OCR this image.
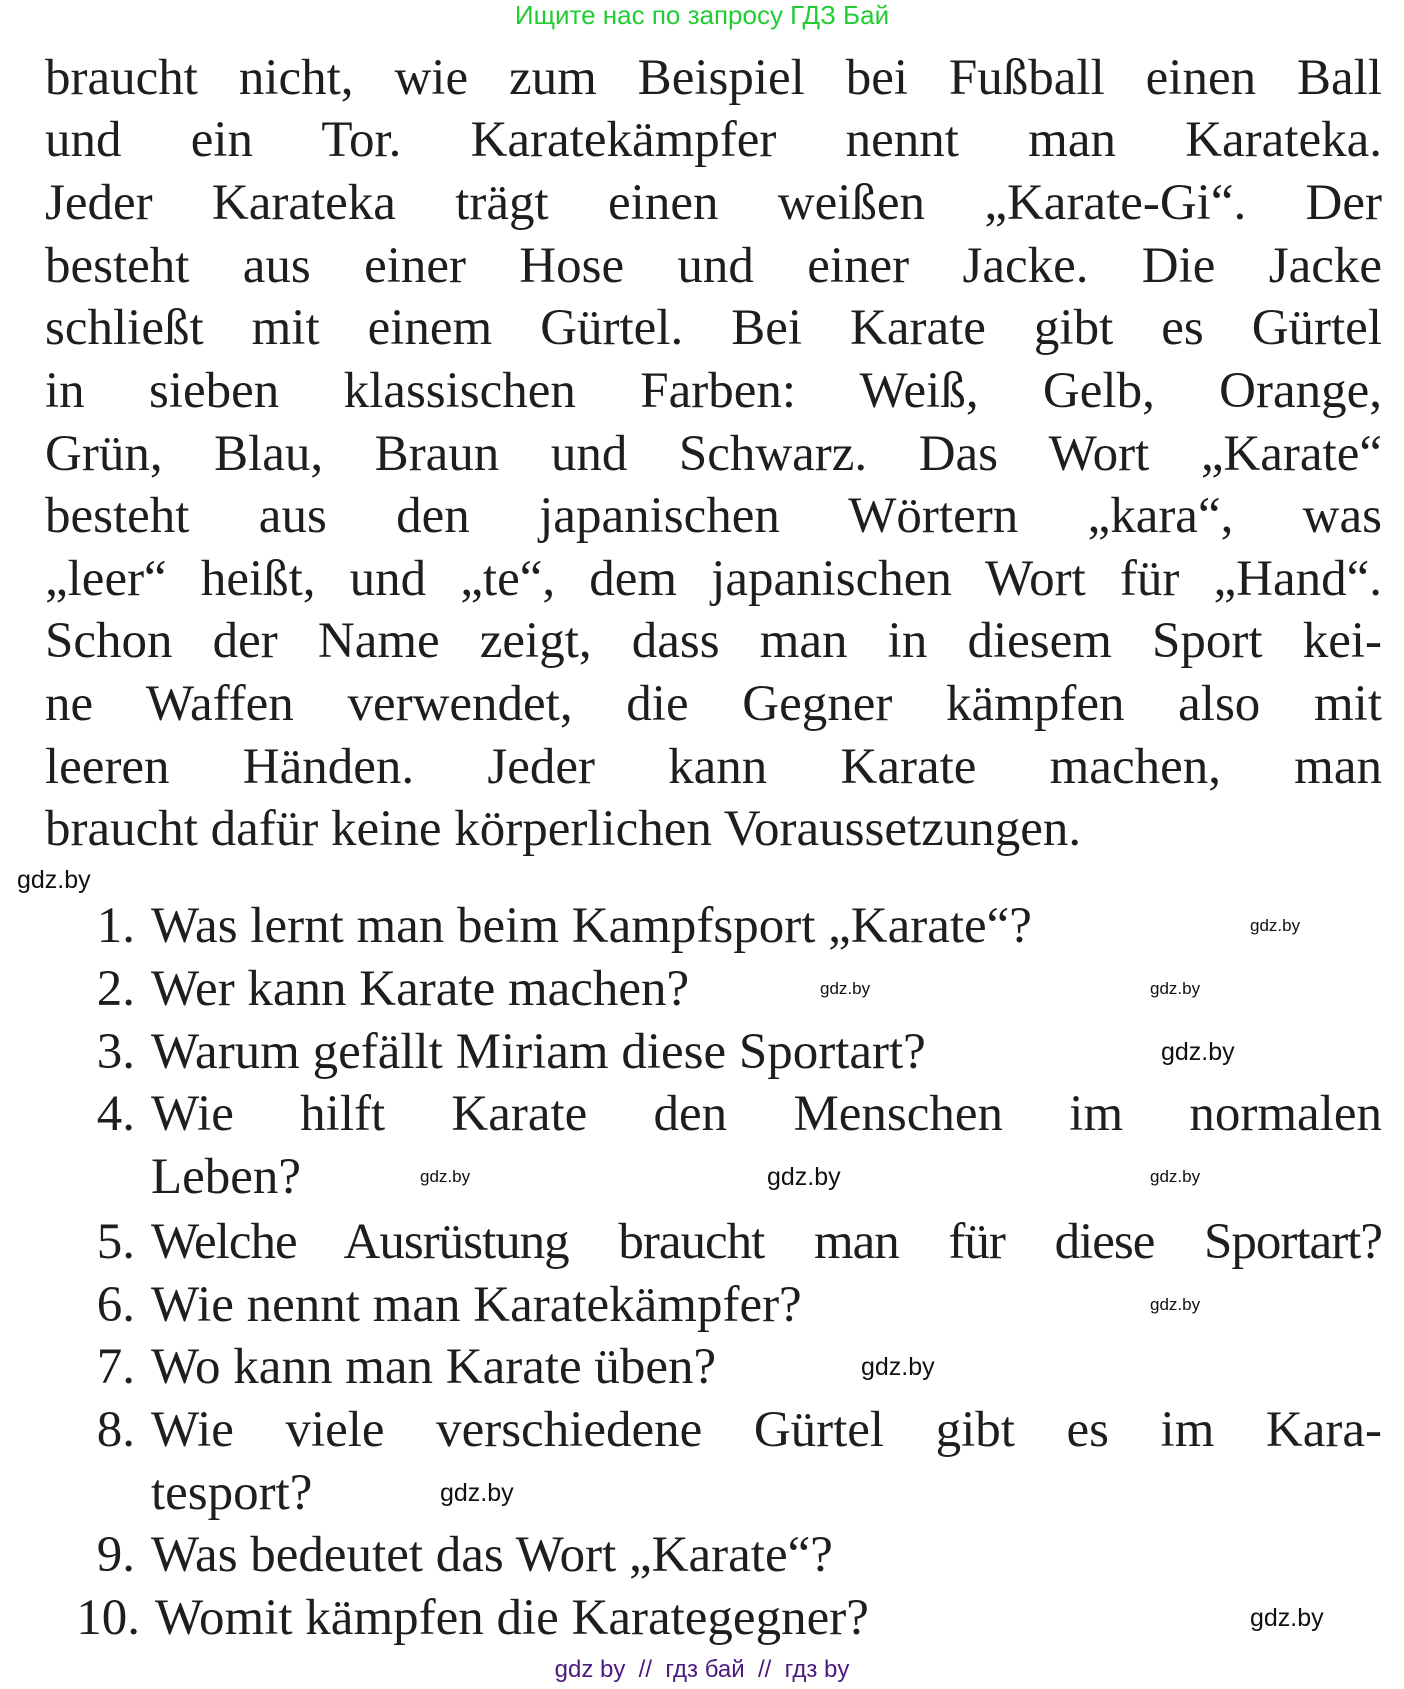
Ищите нас по запросу ГДЗ Бай
braucht nicht, wie zum Beispiel bei Fußball einen Ball
und ein Tor. Karatekämpfer nennt man Karateka.
Jeder Karateka trägt einen weißen „Karate-Gi“. Der
besteht aus einer Hose und einer Jacke. Die Jacke
schließt mit einem Gürtel. Bei Karate gibt es Gürtel
in sieben klassischen Farben: Weiß, Gelb, Orange,
Grün, Blau, Braun und Schwarz. Das Wort „Karate“
besteht aus den japanischen Wörtern „kara“, was
„leer“ heißt, und „te“, dem japanischen Wort für „Hand“.
Schon der Name zeigt, dass man in diesem Sport kei-
ne Waffen verwendet, die Gegner kämpfen also mit
leeren Händen. Jeder kann Karate machen, man
braucht dafür keine körperlichen Voraussetzungen.
1. Was lernt man beim Kampfsport „Karate“?
2. Wer kann Karate machen?
3. Warum gefällt Miriam diese Sportart?
4. Wie hilft Karate den Menschen im normalen
Leben?
5. Welche Ausrüstung braucht man für diese Sportart?
6. Wie nennt man Karatekämpfer?
7. Wo kann man Karate üben?
8. Wie viele verschiedene Gürtel gibt es im Kara-
tesport?
9. Was bedeutet das Wort „Karate“?
10. Womit kämpfen die Karategegner?
gdz.by
gdz.by	gdz.by
gdz.by	gdz.by
gdz.by
gdz.by
gdz.by
gdz.by
gdz.by
gdz.by
gdz.by
gdz by  //  гдз бай  //  гдз by
